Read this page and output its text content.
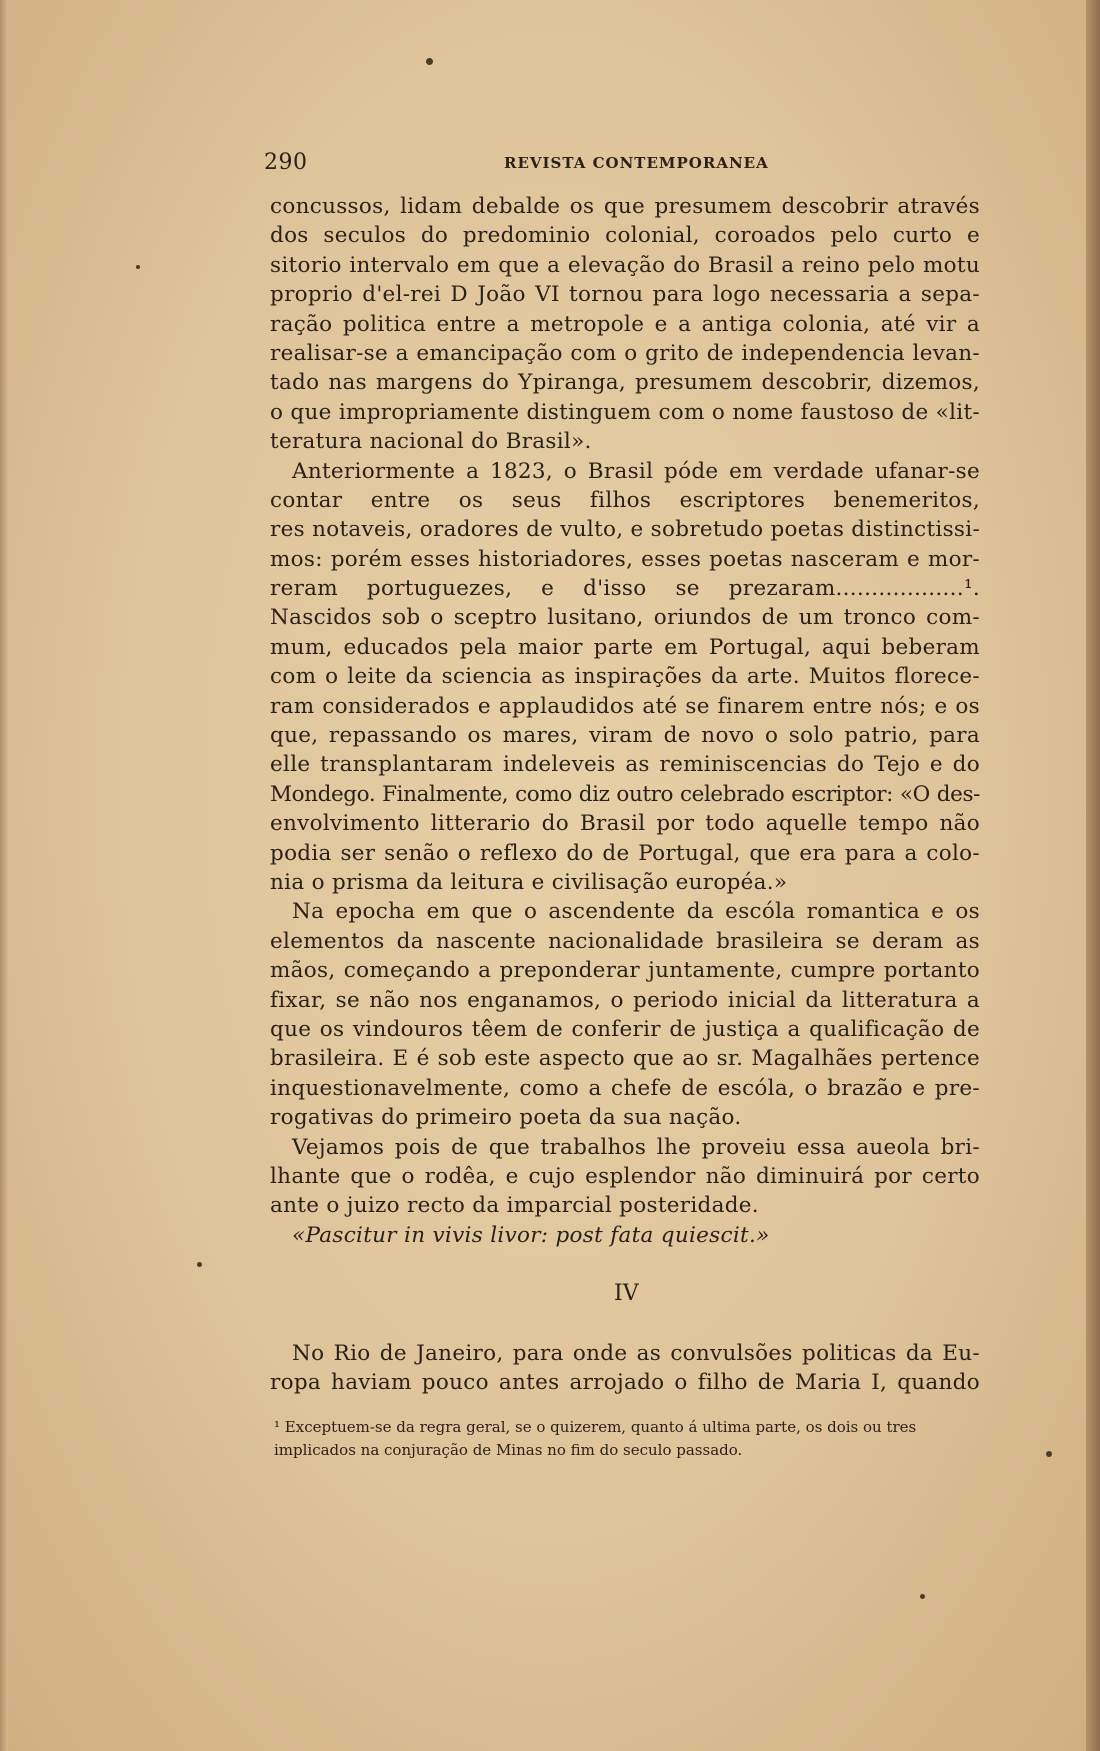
290	REVISTA CONTEMPORANEA
concussos, lidam debalde os que presumem descobrir através
dos seculos do predominio colonial, coroados pelo curto e
sitorio intervalo em que a elevação do Brasil a reino pelo motu
proprio d'el-rei D João VI tornou para logo necessaria a sepa-
ração politica entre a metropole e a antiga colonia, até vir a
realisar-se a emancipação com o grito de independencia levan-
tado nas margens do Ypiranga, presumem descobrir, dizemos,
o que impropriamente distinguem com o nome faustoso de «lit-
teratura nacional do Brasil».
Anteriormente a 1823, o Brasil póde em verdade ufanar-se
contar entre os seus filhos escriptores benemeritos,
res notaveis, oradores de vulto, e sobretudo poetas distinctissi-
mos: porém esses historiadores, esses poetas nasceram e mor-
reram portuguezes, e d'isso se prezaram..................¹.
Nascidos sob o sceptro lusitano, oriundos de um tronco com-
mum, educados pela maior parte em Portugal, aqui beberam
com o leite da sciencia as inspirações da arte. Muitos florece-
ram considerados e applaudidos até se finarem entre nós; e os
que, repassando os mares, viram de novo o solo patrio, para
elle transplantaram indeleveis as reminiscencias do Tejo e do
Mondego. Finalmente, como diz outro celebrado escriptor: «O des-
envolvimento litterario do Brasil por todo aquelle tempo não
podia ser senão o reflexo do de Portugal, que era para a colo-
nia o prisma da leitura e civilisação européa.»
Na epocha em que o ascendente da escóla romantica e os
elementos da nascente nacionalidade brasileira se deram as
mãos, começando a preponderar juntamente, cumpre portanto
fixar, se não nos enganamos, o periodo inicial da litteratura a
que os vindouros têem de conferir de justiça a qualificação de
brasileira. E é sob este aspecto que ao sr. Magalhães pertence
inquestionavelmente, como a chefe de escóla, o brazão e pre-
rogativas do primeiro poeta da sua nação.
Vejamos pois de que trabalhos lhe proveiu essa aueola bri-
lhante que o rodêa, e cujo esplendor não diminuirá por certo
ante o juizo recto da imparcial posteridade.
«Pascitur in vivis livor: post fata quiescit.»
IV
No Rio de Janeiro, para onde as convulsões politicas da Eu-
ropa haviam pouco antes arrojado o filho de Maria I, quando
¹ Exceptuem-se da regra geral, se o quizerem, quanto á ultima parte, os dois ou tres
implicados na conjuração de Minas no fim do seculo passado.
